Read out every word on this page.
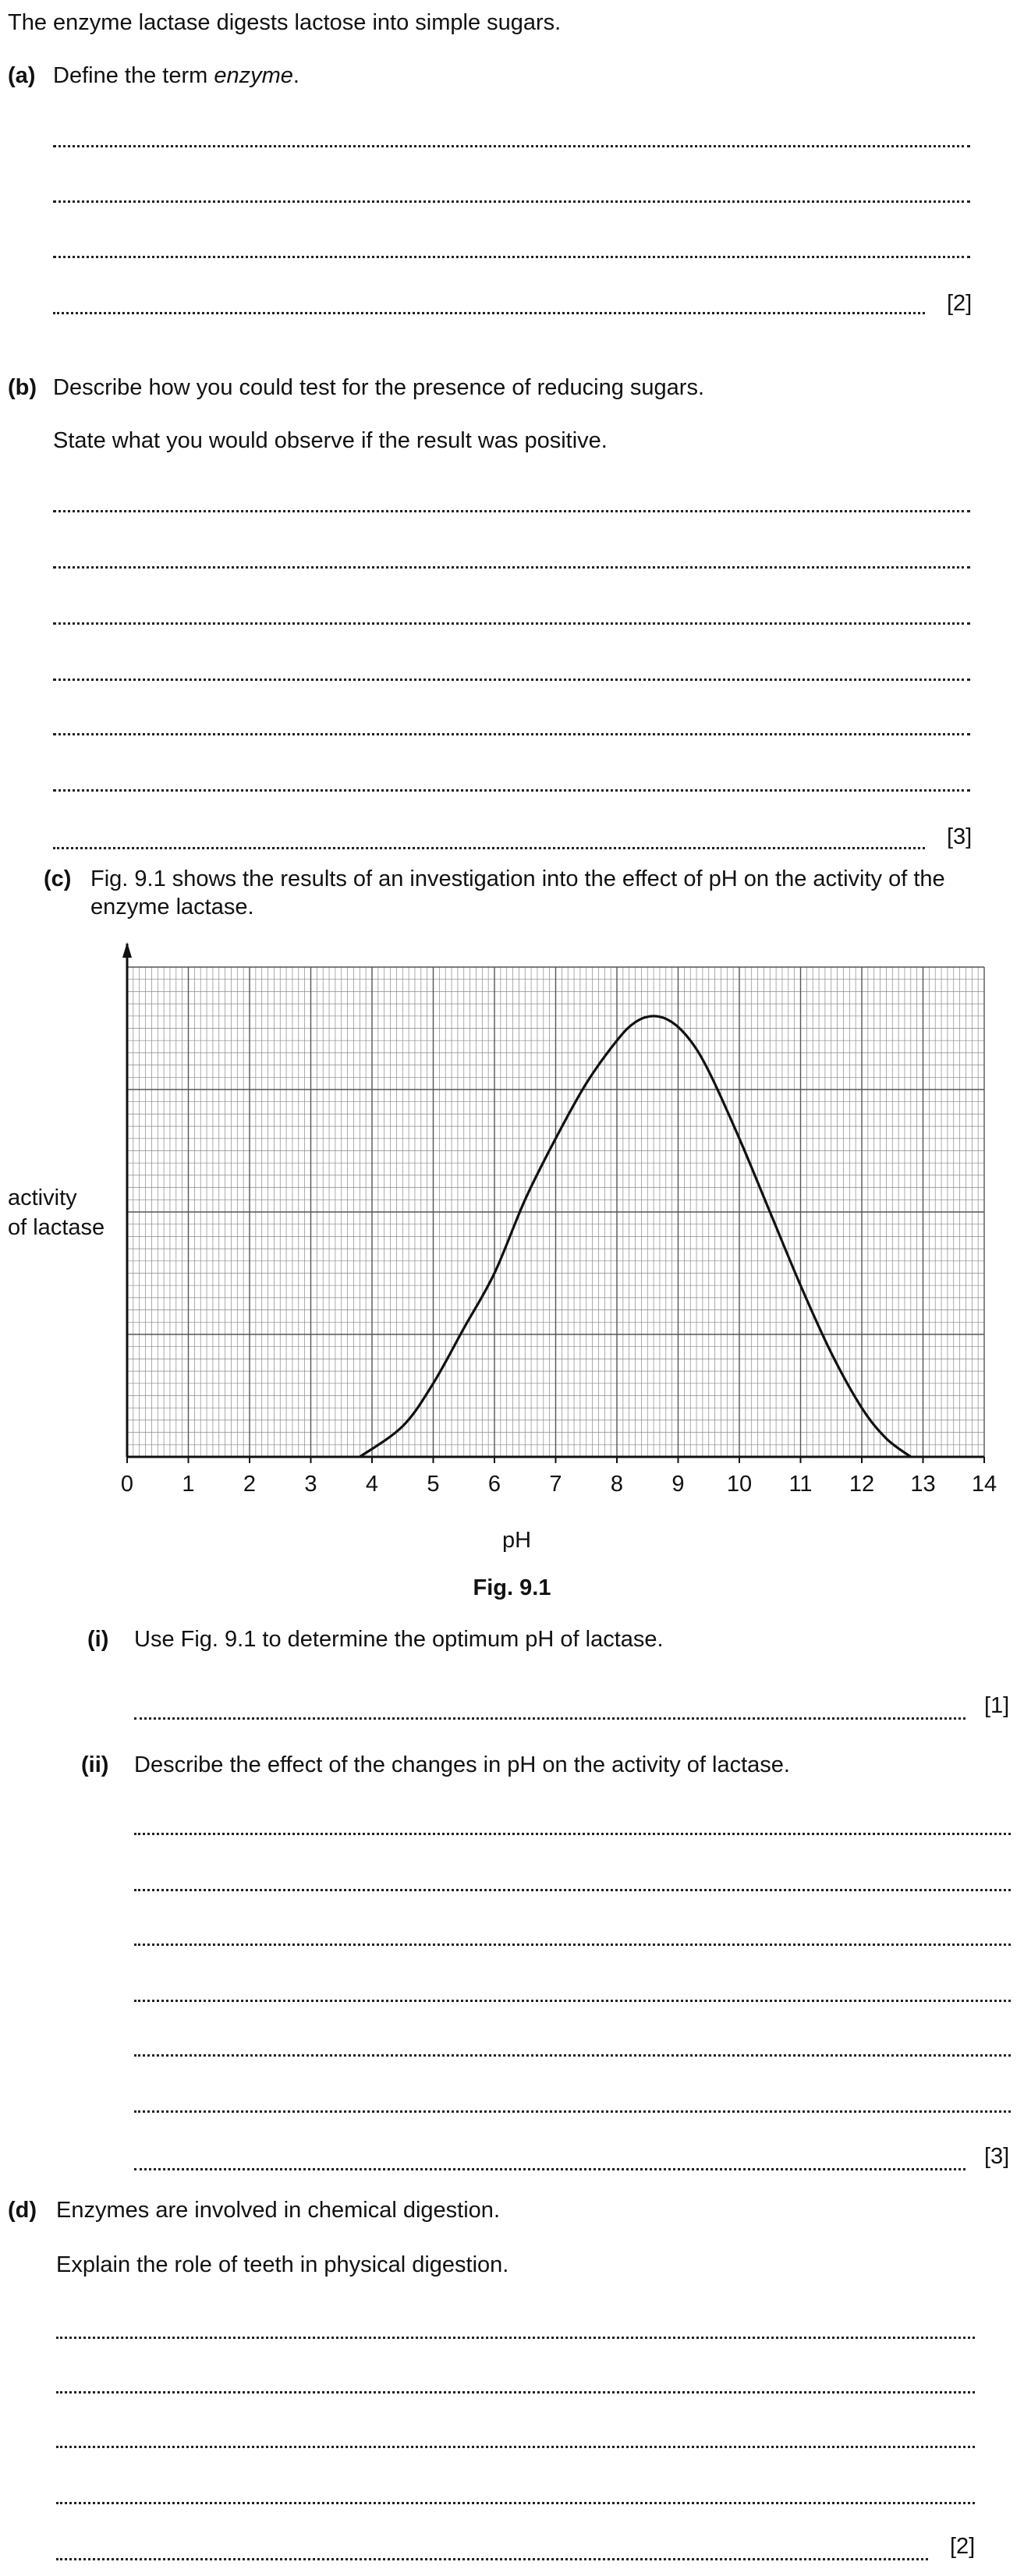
The enzyme lactase digests lactose into simple sugars.
(a) Define the term enzyme.
[2]
(b) Describe how you could test for the presence of reducing sugars.
State what you would observe if the result was positive.
[3]
(c) Fig. 9.1 shows the results of an investigation into the effect of pH on the activity of the
enzyme lactase.
0 1 2 3 4 5 6 7 8 9 10 11 12 13 14
pH
activity
of lactase
Fig. 9.1
(i) Use Fig. 9.1 to determine the optimum pH of lactase.
[1]
(ii) Describe the effect of the changes in pH on the activity of lactase.
[3]
(d) Enzymes are involved in chemical digestion.
Explain the role of teeth in physical digestion.
[2]
